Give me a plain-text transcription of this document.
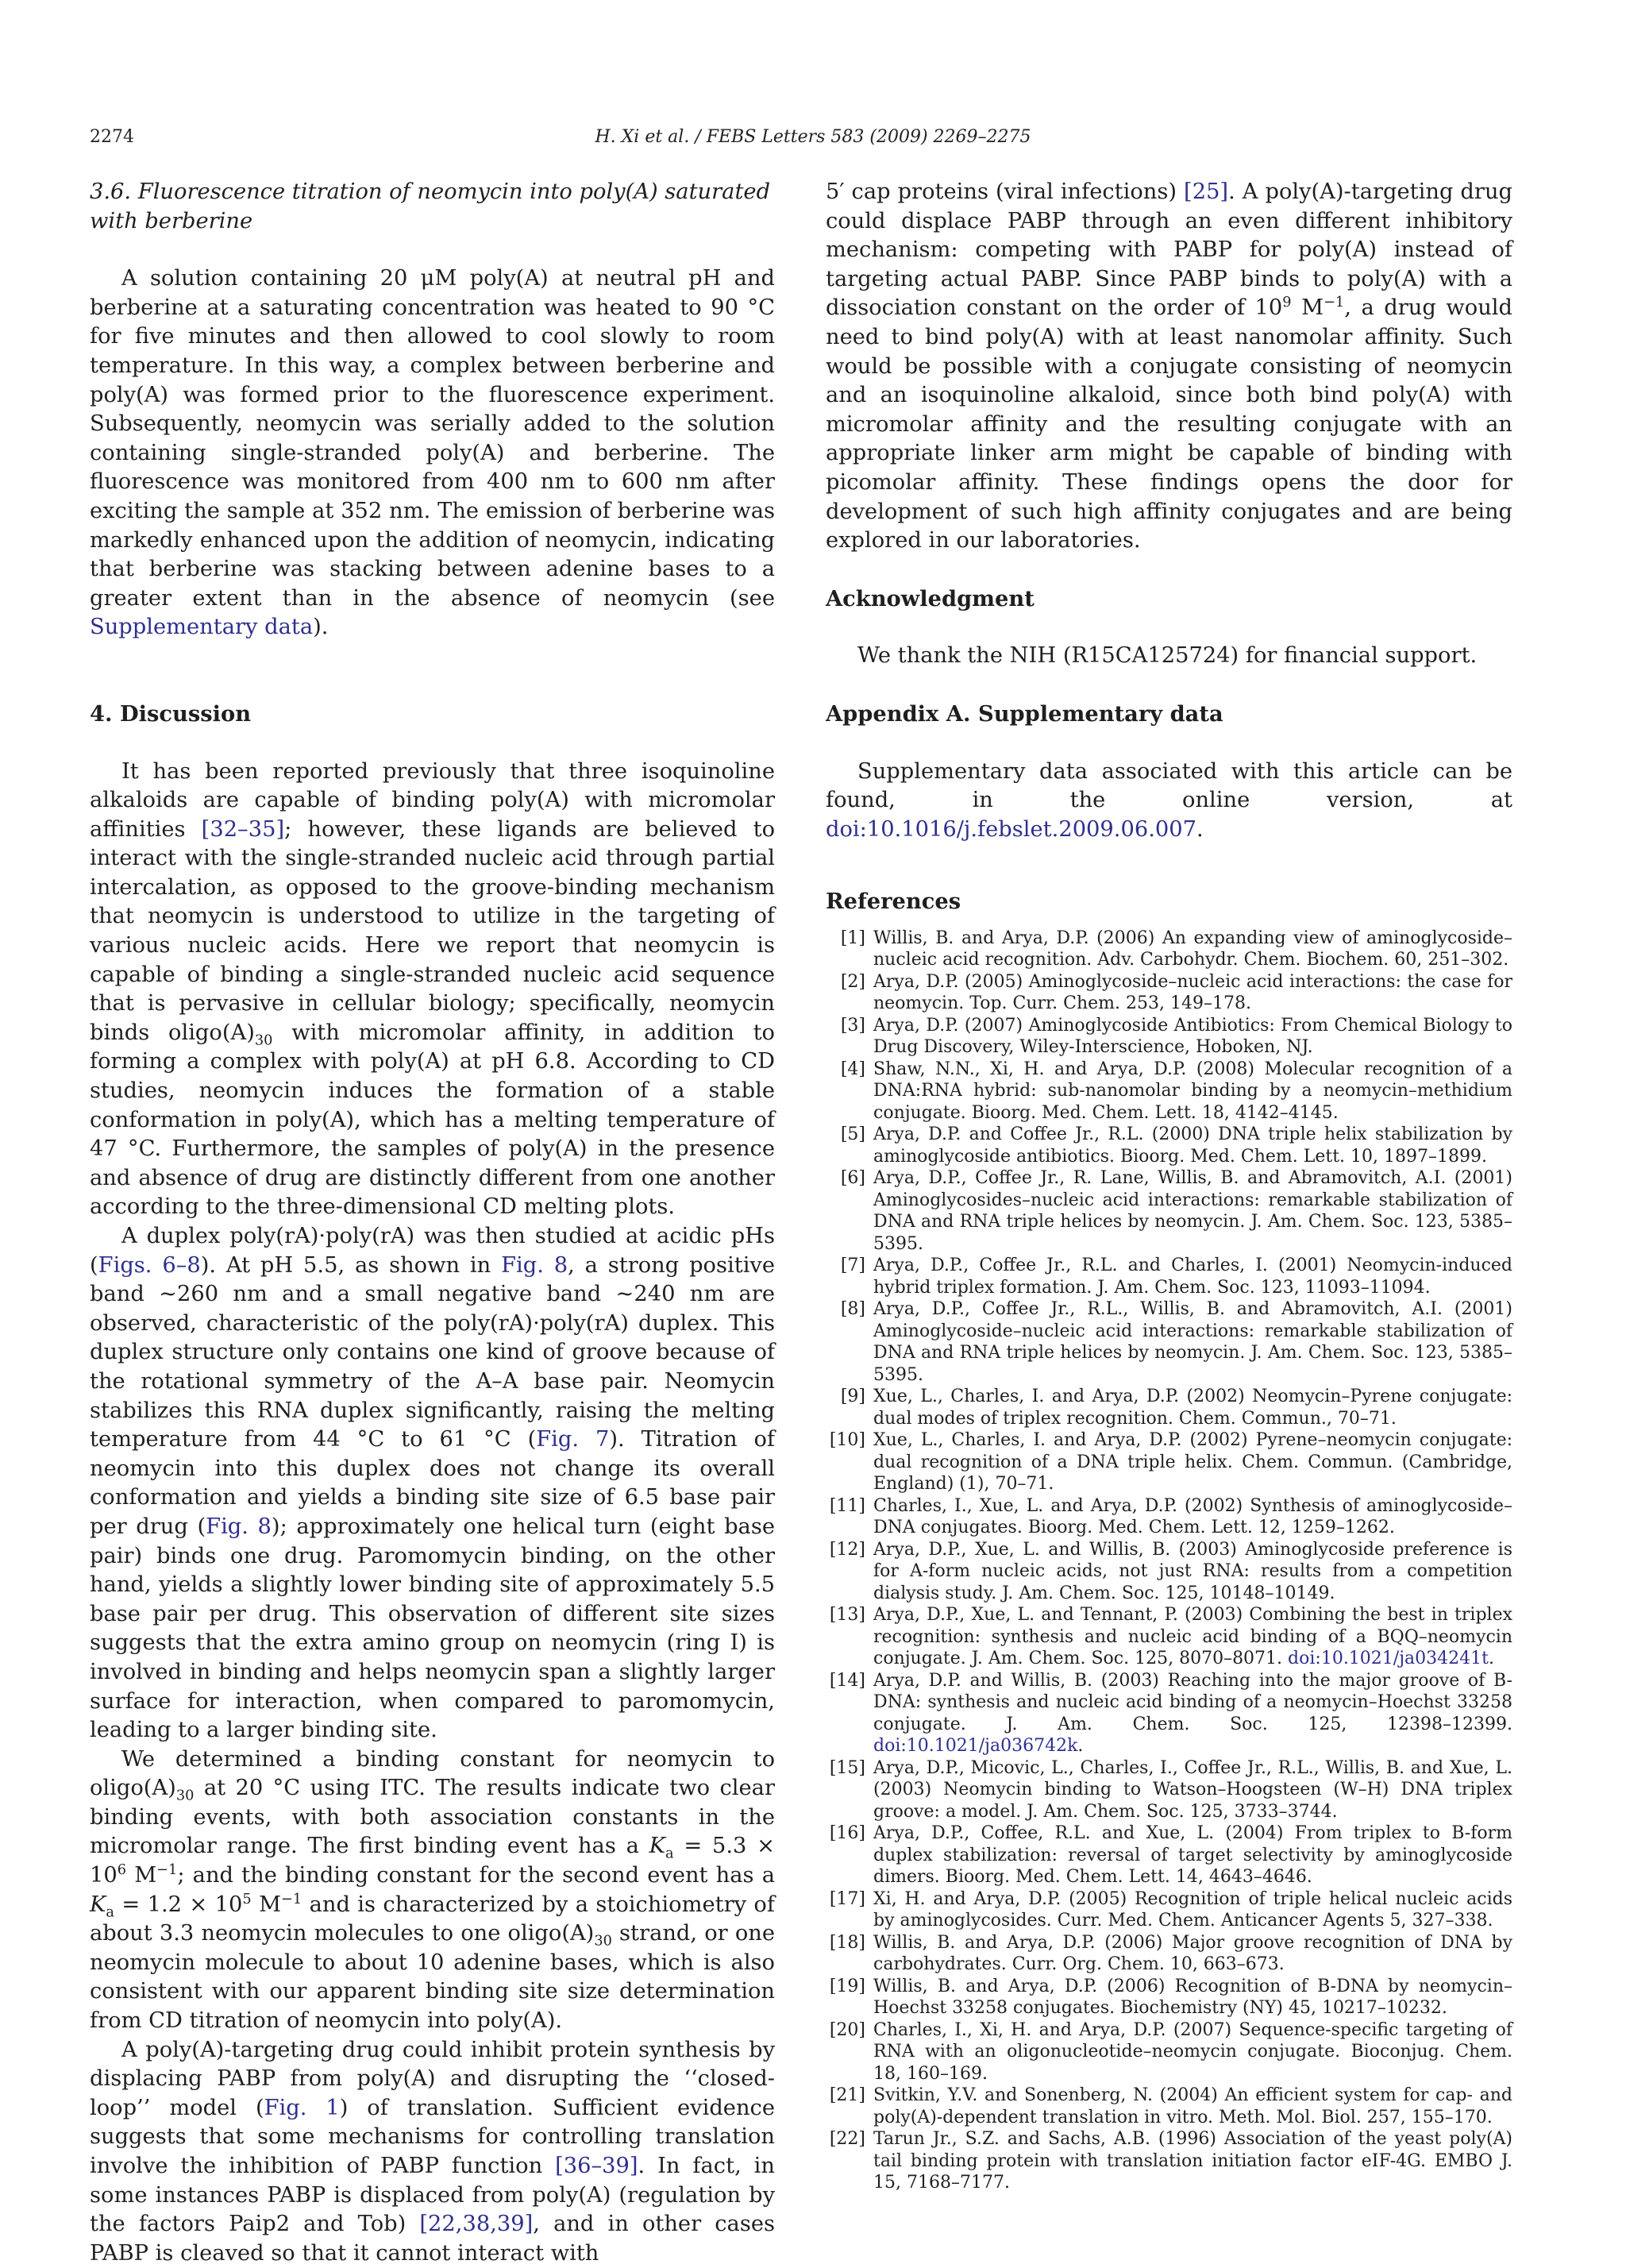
2274	H. Xi et al. / FEBS Letters 583 (2009) 2269–2275
3.6. Fluorescence titration of neomycin into poly(A) saturated with berberine

A solution containing 20 μM poly(A) at neutral pH and berberine at a saturating concentration was heated to 90 °C for five minutes and then allowed to cool slowly to room temperature. In this way, a complex between berberine and poly(A) was formed prior to the fluorescence experiment. Subsequently, neomycin was serially added to the solution containing single-stranded poly(A) and berberine. The fluorescence was monitored from 400 nm to 600 nm after exciting the sample at 352 nm. The emission of berberine was markedly enhanced upon the addition of neomycin, indicating that berberine was stacking between adenine bases to a greater extent than in the absence of neomycin (see Supplementary data).

4. Discussion

It has been reported previously that three isoquinoline alkaloids are capable of binding poly(A) with micromolar affinities [32–35]; however, these ligands are believed to interact with the single-stranded nucleic acid through partial intercalation, as opposed to the groove-binding mechanism that neomycin is understood to utilize in the targeting of various nucleic acids. Here we report that neomycin is capable of binding a single-stranded nucleic acid sequence that is pervasive in cellular biology; specifically, neomycin binds $oligo(A)_{30}$ with micromolar affinity, in addition to forming a complex with poly(A) at pH 6.8. According to CD studies, neomycin induces the formation of a stable conformation in poly(A), which has a melting temperature of 47 °C. Furthermore, the samples of poly(A) in the presence and absence of drug are distinctly different from one another according to the three-dimensional CD melting plots.

A duplex poly(rA)·poly(rA) was then studied at acidic pHs (Figs. 6–8). At pH 5.5, as shown in Fig. 8, a strong positive band ~260 nm and a small negative band ~240 nm are observed, characteristic of the poly(rA)·poly(rA) duplex. This duplex structure only contains one kind of groove because of the rotational symmetry of the A–A base pair. Neomycin stabilizes this RNA duplex significantly, raising the melting temperature from 44 °C to 61 °C (Fig. 7). Titration of neomycin into this duplex does not change its overall conformation and yields a binding site size of 6.5 base pair per drug (Fig. 8); approximately one helical turn (eight base pair) binds one drug. Paromomycin binding, on the other hand, yields a slightly lower binding site of approximately 5.5 base pair per drug. This observation of different site sizes suggests that the extra amino group on neomycin (ring I) is involved in binding and helps neomycin span a slightly larger surface for interaction, when compared to paromomycin, leading to a larger binding site.

We determined a binding constant for neomycin to $oligo(A)_{30}$ at 20 °C using ITC. The results indicate two clear binding events, with both association constants in the micromolar range. The first binding event has a $K_a = 5.3 \times 10^6$ $M^{-1}$; and the binding constant for the second event has a $K_a = 1.2 \times 10^5$ $M^{-1}$ and is characterized by a stoichiometry of about 3.3 neomycin molecules to one $oligo(A)_{30}$ strand, or one neomycin molecule to about 10 adenine bases, which is also consistent with our apparent binding site size determination from CD titration of neomycin into poly(A).

A poly(A)-targeting drug could inhibit protein synthesis by displacing PABP from poly(A) and disrupting the ‘‘closed-loop’’ model (Fig. 1) of translation. Sufficient evidence suggests that some mechanisms for controlling translation involve the inhibition of PABP function [36–39]. In fact, in some instances PABP is displaced from poly(A) (regulation by the factors Paip2 and Tob) [22,38,39], and in other cases PABP is cleaved so that it cannot interact with

5′ cap proteins (viral infections) [25]. A poly(A)-targeting drug could displace PABP through an even different inhibitory mechanism: competing with PABP for poly(A) instead of targeting actual PABP. Since PABP binds to poly(A) with a dissociation constant on the order of $10^9$ $M^{-1}$, a drug would need to bind poly(A) with at least nanomolar affinity. Such would be possible with a conjugate consisting of neomycin and an isoquinoline alkaloid, since both bind poly(A) with micromolar affinity and the resulting conjugate with an appropriate linker arm might be capable of binding with picomolar affinity. These findings opens the door for development of such high affinity conjugates and are being explored in our laboratories.

Acknowledgment

We thank the NIH (R15CA125724) for financial support.

Appendix A. Supplementary data

Supplementary data associated with this article can be found, in the online version, at doi:10.1016/j.febslet.2009.06.007.

References
[1] Willis, B. and Arya, D.P. (2006) An expanding view of aminoglycoside–nucleic acid recognition. Adv. Carbohydr. Chem. Biochem. 60, 251–302.
[2] Arya, D.P. (2005) Aminoglycoside–nucleic acid interactions: the case for neomycin. Top. Curr. Chem. 253, 149–178.
[3] Arya, D.P. (2007) Aminoglycoside Antibiotics: From Chemical Biology to Drug Discovery, Wiley-Interscience, Hoboken, NJ.
[4] Shaw, N.N., Xi, H. and Arya, D.P. (2008) Molecular recognition of a DNA:RNA hybrid: sub-nanomolar binding by a neomycin–methidium conjugate. Bioorg. Med. Chem. Lett. 18, 4142–4145.
[5] Arya, D.P. and Coffee Jr., R.L. (2000) DNA triple helix stabilization by aminoglycoside antibiotics. Bioorg. Med. Chem. Lett. 10, 1897–1899.
[6] Arya, D.P., Coffee Jr., R. Lane, Willis, B. and Abramovitch, A.I. (2001) Aminoglycosides–nucleic acid interactions: remarkable stabilization of DNA and RNA triple helices by neomycin. J. Am. Chem. Soc. 123, 5385–5395.
[7] Arya, D.P., Coffee Jr., R.L. and Charles, I. (2001) Neomycin-induced hybrid triplex formation. J. Am. Chem. Soc. 123, 11093–11094.
[8] Arya, D.P., Coffee Jr., R.L., Willis, B. and Abramovitch, A.I. (2001) Aminoglycoside–nucleic acid interactions: remarkable stabilization of DNA and RNA triple helices by neomycin. J. Am. Chem. Soc. 123, 5385–5395.
[9] Xue, L., Charles, I. and Arya, D.P. (2002) Neomycin–Pyrene conjugate: dual modes of triplex recognition. Chem. Commun., 70–71.
[10] Xue, L., Charles, I. and Arya, D.P. (2002) Pyrene–neomycin conjugate: dual recognition of a DNA triple helix. Chem. Commun. (Cambridge, England) (1), 70–71.
[11] Charles, I., Xue, L. and Arya, D.P. (2002) Synthesis of aminoglycoside–DNA conjugates. Bioorg. Med. Chem. Lett. 12, 1259–1262.
[12] Arya, D.P., Xue, L. and Willis, B. (2003) Aminoglycoside preference is for A-form nucleic acids, not just RNA: results from a competition dialysis study. J. Am. Chem. Soc. 125, 10148–10149.
[13] Arya, D.P., Xue, L. and Tennant, P. (2003) Combining the best in triplex recognition: synthesis and nucleic acid binding of a BQQ–neomycin conjugate. J. Am. Chem. Soc. 125, 8070–8071. doi:10.1021/ja034241t.
[14] Arya, D.P. and Willis, B. (2003) Reaching into the major groove of B-DNA: synthesis and nucleic acid binding of a neomycin–Hoechst 33258 conjugate. J. Am. Chem. Soc. 125, 12398–12399. doi:10.1021/ja036742k.
[15] Arya, D.P., Micovic, L., Charles, I., Coffee Jr., R.L., Willis, B. and Xue, L. (2003) Neomycin binding to Watson–Hoogsteen (W–H) DNA triplex groove: a model. J. Am. Chem. Soc. 125, 3733–3744.
[16] Arya, D.P., Coffee, R.L. and Xue, L. (2004) From triplex to B-form duplex stabilization: reversal of target selectivity by aminoglycoside dimers. Bioorg. Med. Chem. Lett. 14, 4643–4646.
[17] Xi, H. and Arya, D.P. (2005) Recognition of triple helical nucleic acids by aminoglycosides. Curr. Med. Chem. Anticancer Agents 5, 327–338.
[18] Willis, B. and Arya, D.P. (2006) Major groove recognition of DNA by carbohydrates. Curr. Org. Chem. 10, 663–673.
[19] Willis, B. and Arya, D.P. (2006) Recognition of B-DNA by neomycin–Hoechst 33258 conjugates. Biochemistry (NY) 45, 10217–10232.
[20] Charles, I., Xi, H. and Arya, D.P. (2007) Sequence-specific targeting of RNA with an oligonucleotide–neomycin conjugate. Bioconjug. Chem. 18, 160–169.
[21] Svitkin, Y.V. and Sonenberg, N. (2004) An efficient system for cap- and poly(A)-dependent translation in vitro. Meth. Mol. Biol. 257, 155–170.
[22] Tarun Jr., S.Z. and Sachs, A.B. (1996) Association of the yeast poly(A) tail binding protein with translation initiation factor eIF-4G. EMBO J. 15, 7168–7177.
